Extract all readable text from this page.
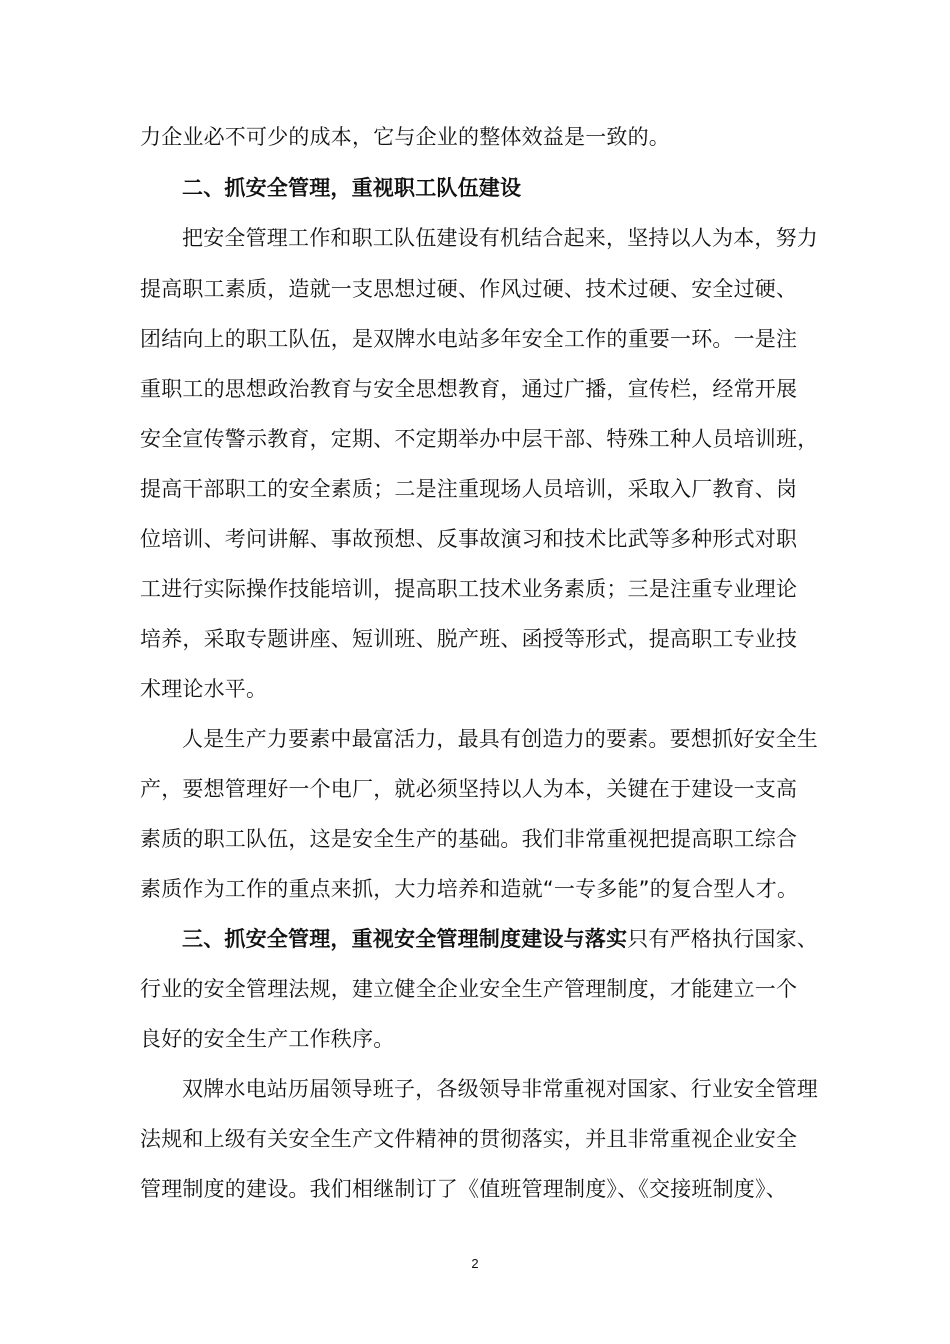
力企业必不可少的成本，它与企业的整体效益是一致的。
二、抓安全管理，重视职工队伍建设
把安全管理工作和职工队伍建设有机结合起来，坚持以人为本，努力
提高职工素质，造就一支思想过硬、作风过硬、技术过硬、安全过硬、
团结向上的职工队伍，是双牌水电站多年安全工作的重要一环。一是注
重职工的思想政治教育与安全思想教育，通过广播，宣传栏，经常开展
安全宣传警示教育，定期、不定期举办中层干部、特殊工种人员培训班，
提高干部职工的安全素质；二是注重现场人员培训，采取入厂教育、岗
位培训、考问讲解、事故预想、反事故演习和技术比武等多种形式对职
工进行实际操作技能培训，提高职工技术业务素质；三是注重专业理论
培养，采取专题讲座、短训班、脱产班、函授等形式，提高职工专业技
术理论水平。
人是生产力要素中最富活力，最具有创造力的要素。要想抓好安全生
产，要想管理好一个电厂，就必须坚持以人为本，关键在于建设一支高
素质的职工队伍，这是安全生产的基础。我们非常重视把提高职工综合
素质作为工作的重点来抓，大力培养和造就“一专多能”的复合型人才。
三、抓安全管理，重视安全管理制度建设与落实只有严格执行国家、
行业的安全管理法规，建立健全企业安全生产管理制度，才能建立一个
良好的安全生产工作秩序。
双牌水电站历届领导班子，各级领导非常重视对国家、行业安全管理
法规和上级有关安全生产文件精神的贯彻落实，并且非常重视企业安全
管理制度的建设。我们相继制订了《值班管理制度》、《交接班制度》、
2
